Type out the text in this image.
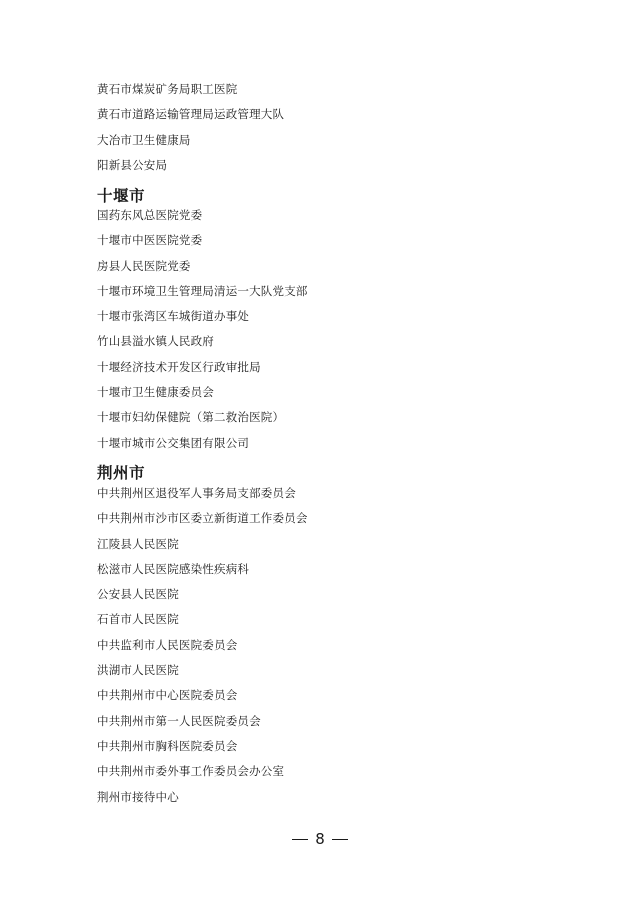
黄石市煤炭矿务局职工医院
黄石市道路运输管理局运政管理大队
大冶市卫生健康局
阳新县公安局
十堰市
国药东风总医院党委
十堰市中医医院党委
房县人民医院党委
十堰市环境卫生管理局清运一大队党支部
十堰市张湾区车城街道办事处
竹山县溢水镇人民政府
十堰经济技术开发区行政审批局
十堰市卫生健康委员会
十堰市妇幼保健院（第二救治医院）
十堰市城市公交集团有限公司
荆州市
中共荆州区退役军人事务局支部委员会
中共荆州市沙市区委立新街道工作委员会
江陵县人民医院
松滋市人民医院感染性疾病科
公安县人民医院
石首市人民医院
中共监利市人民医院委员会
洪湖市人民医院
中共荆州市中心医院委员会
中共荆州市第一人民医院委员会
中共荆州市胸科医院委员会
中共荆州市委外事工作委员会办公室
荆州市接待中心
8
